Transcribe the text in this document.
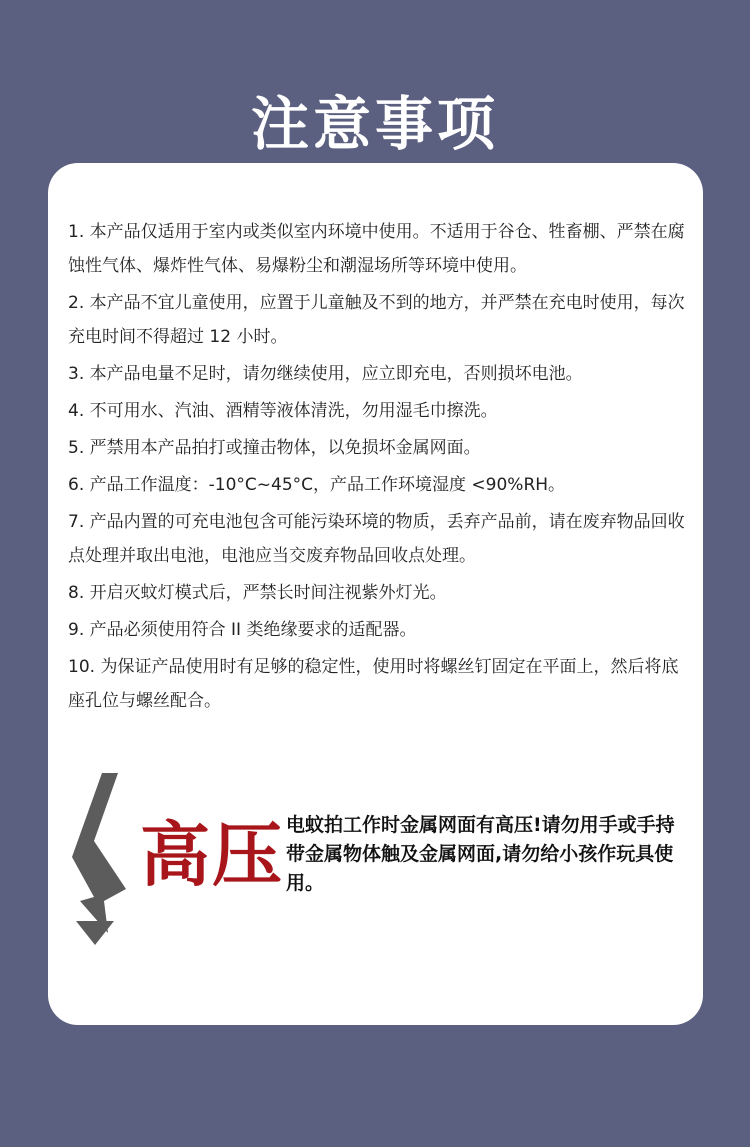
注意事项
1. 本产品仅适用于室内或类似室内环境中使用。不适用于谷仓、牲畜棚、严禁在腐蚀性气体、爆炸性气体、易爆粉尘和潮湿场所等环境中使用。
2. 本产品不宜儿童使用，应置于儿童触及不到的地方，并严禁在充电时使用，每次充电时间不得超过 12 小时。
3. 本产品电量不足时，请勿继续使用，应立即充电，否则损坏电池。
4. 不可用水、汽油、酒精等液体清洗，勿用湿毛巾擦洗。
5. 严禁用本产品拍打或撞击物体，以免损坏金属网面。
6. 产品工作温度：-10°C~45°C，产品工作环境湿度 <90%RH。
7. 产品内置的可充电池包含可能污染环境的物质，丢弃产品前，请在废弃物品回收点处理并取出电池，电池应当交废弃物品回收点处理。
8. 开启灭蚊灯模式后，严禁长时间注视紫外灯光。
9. 产品必须使用符合 II 类绝缘要求的适配器。
10. 为保证产品使用时有足够的稳定性，使用时将螺丝钉固定在平面上，然后将底座孔位与螺丝配合。
高压 电蚊拍工作时金属网面有高压!请勿用手或手持带金属物体触及金属网面,请勿给小孩作玩具使用。
